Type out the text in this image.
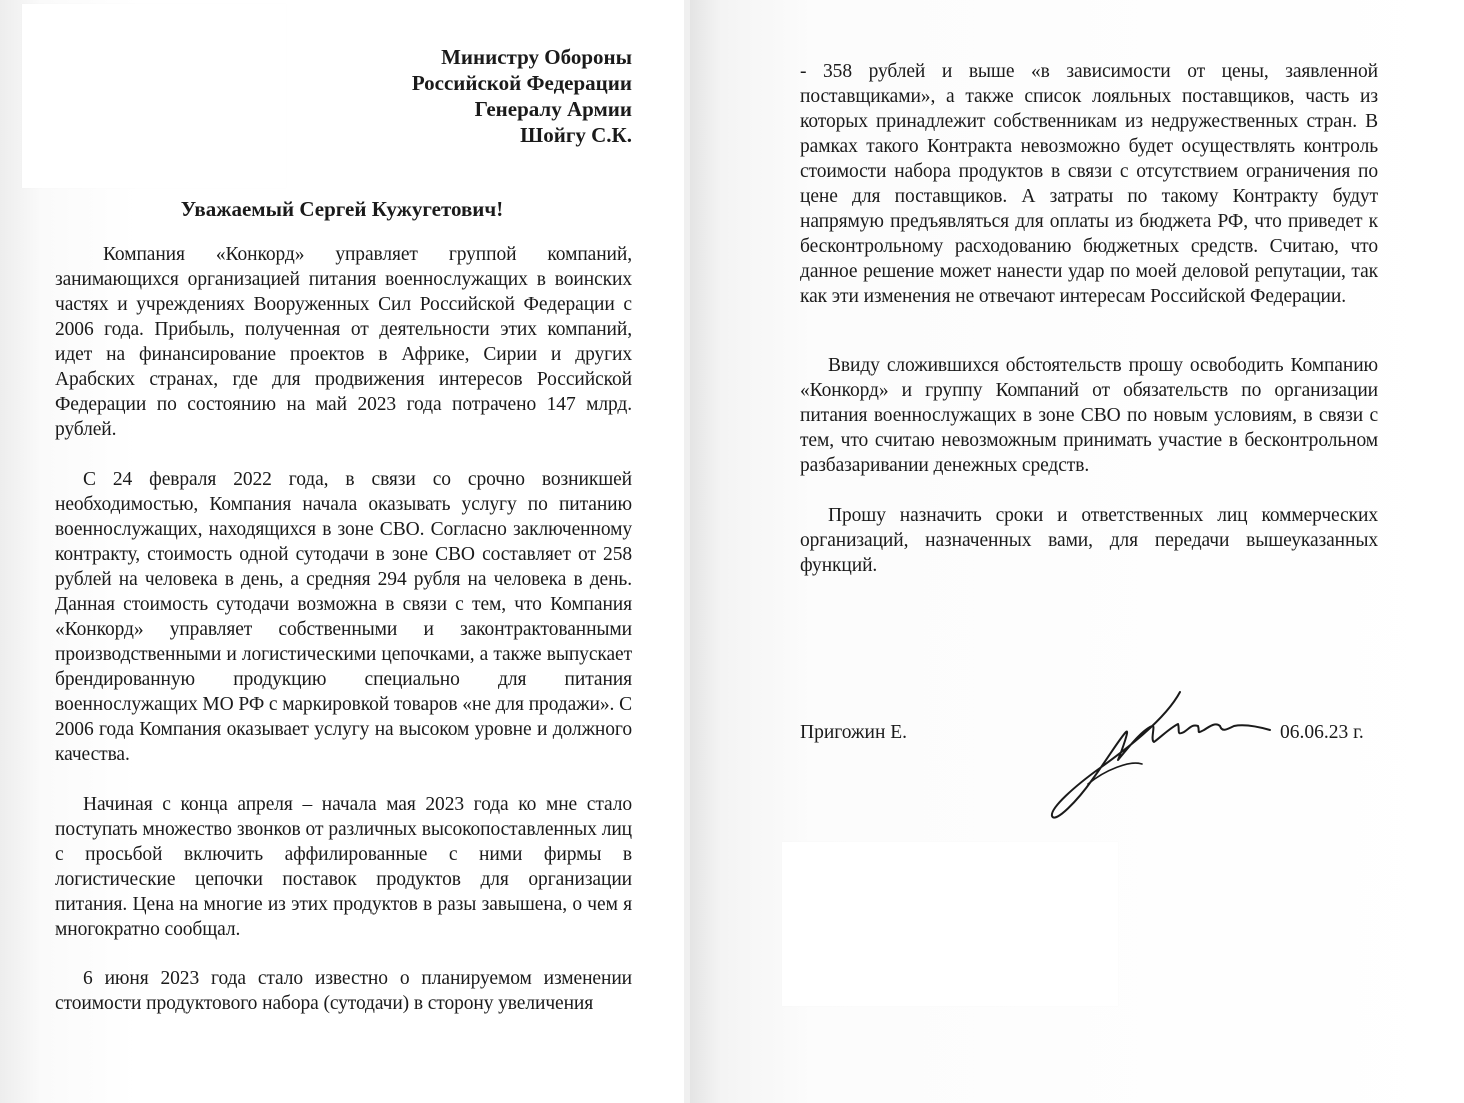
Министру Обороны
Российской Федерации
Генералу Армии
Шойгу С.К.
Уважаемый Сергей Кужугетович!
Компания «Конкорд» управляет группой компаний, занимающихся организацией питания военнослужащих в воинских частях и учреждениях Вооруженных Сил Российской Федерации с 2006 года. Прибыль, полученная от деятельности этих компаний, идет на финансирование проектов в Африке, Сирии и других Арабских странах, где для продвижения интересов Российской Федерации по состоянию на май 2023 года потрачено 147 млрд. рублей.
С 24 февраля 2022 года, в связи со срочно возникшей необходимостью, Компания начала оказывать услугу по питанию военнослужащих, находящихся в зоне СВО. Согласно заключенному контракту, стоимость одной сутодачи в зоне СВО составляет от 258 рублей на человека в день, а средняя 294 рубля на человека в день. Данная стоимость сутодачи возможна в связи с тем, что Компания «Конкорд» управляет собственными и законтрактованными производственными и логистическими цепочками, а также выпускает брендированную продукцию специально для питания военнослужащих МО РФ с маркировкой товаров «не для продажи». С 2006 года Компания оказывает услугу на высоком уровне и должного качества.
Начиная с конца апреля – начала мая 2023 года ко мне стало поступать множество звонков от различных высокопоставленных лиц с просьбой включить аффилированные с ними фирмы в логистические цепочки поставок продуктов для организации питания. Цена на многие из этих продуктов в разы завышена, о чем я многократно сообщал.
6 июня 2023 года стало известно о планируемом изменении стоимости продуктового набора (сутодачи) в сторону увеличения
- 358 рублей и выше «в зависимости от цены, заявленной поставщиками», а также список лояльных поставщиков, часть из которых принадлежит собственникам из недружественных стран. В рамках такого Контракта невозможно будет осуществлять контроль стоимости набора продуктов в связи с отсутствием ограничения по цене для поставщиков. А затраты по такому Контракту будут напрямую предъявляться для оплаты из бюджета РФ, что приведет к бесконтрольному расходованию бюджетных средств. Считаю, что данное решение может нанести удар по моей деловой репутации, так как эти изменения не отвечают интересам Российской Федерации.
Ввиду сложившихся обстоятельств прошу освободить Компанию «Конкорд» и группу Компаний от обязательств по организации питания военнослужащих в зоне СВО по новым условиям, в связи с тем, что считаю невозможным принимать участие в бесконтрольном разбазаривании денежных средств.
Прошу назначить сроки и ответственных лиц коммерческих организаций, назначенных вами, для передачи вышеуказанных функций.
Пригожин Е.	06.06.23 г.
